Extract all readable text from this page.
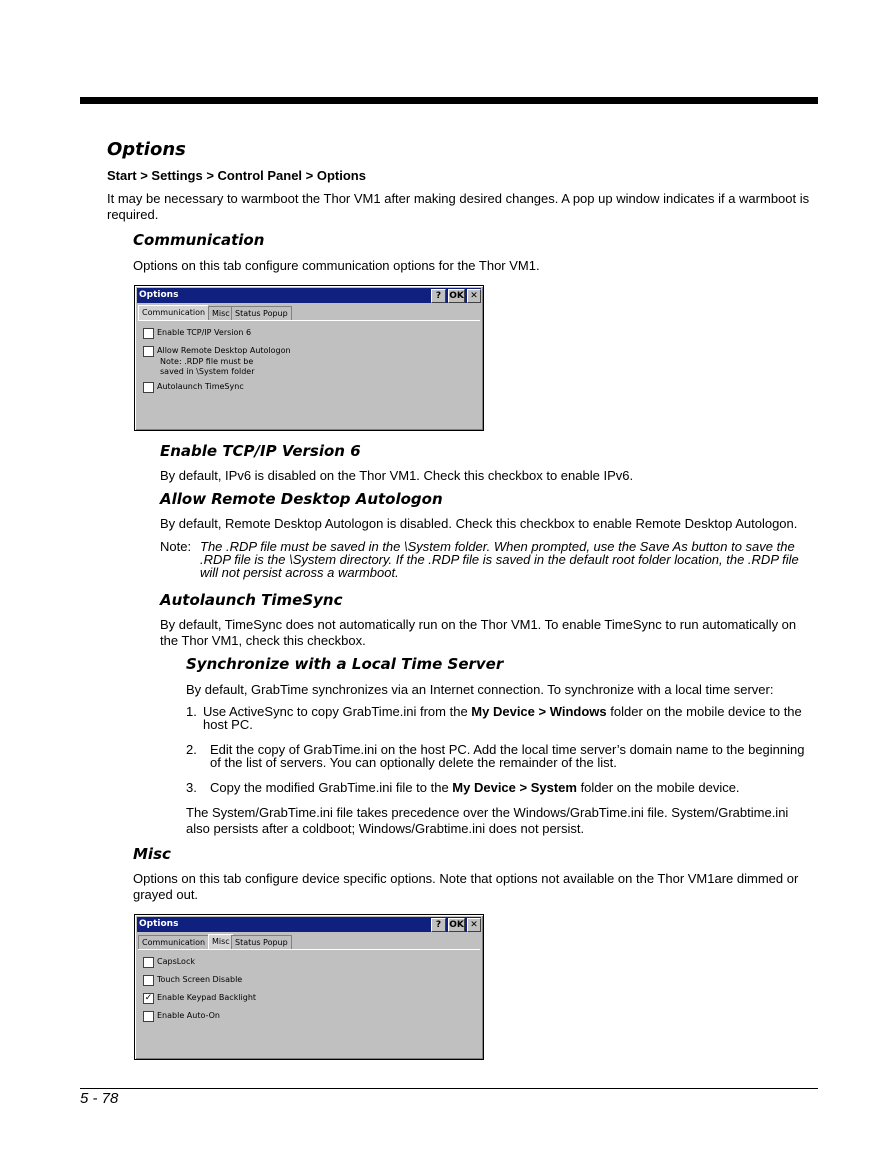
Options
Start > Settings > Control Panel > Options
It may be necessary to warmboot the Thor VM1 after making desired changes. A pop up window indicates if a warmboot is
required.
Communication
Options on this tab configure communication options for the Thor VM1.
Options	? OK ✕
Communication Misc Status Popup
Enable TCP/IP Version 6
Allow Remote Desktop Autologon
Note: .RDP file must be
saved in \System folder
Autolaunch TimeSync
Enable TCP/IP Version 6
By default, IPv6 is disabled on the Thor VM1. Check this checkbox to enable IPv6.
Allow Remote Desktop Autologon
By default, Remote Desktop Autologon is disabled. Check this checkbox to enable Remote Desktop Autologon.
Note: The .RDP file must be saved in the \System folder. When prompted, use the Save As button to save the
.RDP file is the \System directory. If the .RDP file is saved in the default root folder location, the .RDP file
will not persist across a warmboot.
Autolaunch TimeSync
By default, TimeSync does not automatically run on the Thor VM1. To enable TimeSync to run automatically on
the Thor VM1, check this checkbox.
Synchronize with a Local Time Server
By default, GrabTime synchronizes via an Internet connection. To synchronize with a local time server:
1. Use ActiveSync to copy GrabTime.ini from the My Device > Windows folder on the mobile device to the
host PC.
2. Edit the copy of GrabTime.ini on the host PC. Add the local time server’s domain name to the beginning
of the list of servers. You can optionally delete the remainder of the list.
3. Copy the modified GrabTime.ini file to the My Device > System folder on the mobile device.
The System/GrabTime.ini file takes precedence over the Windows/GrabTime.ini file. System/Grabtime.ini
also persists after a coldboot; Windows/Grabtime.ini does not persist.
Misc
Options on this tab configure device specific options. Note that options not available on the Thor VM1are dimmed or
grayed out.
Options	? OK ✕
Communication Misc Status Popup
CapsLock
Touch Screen Disable
✓ Enable Keypad Backlight
Enable Auto-On
5 - 78
